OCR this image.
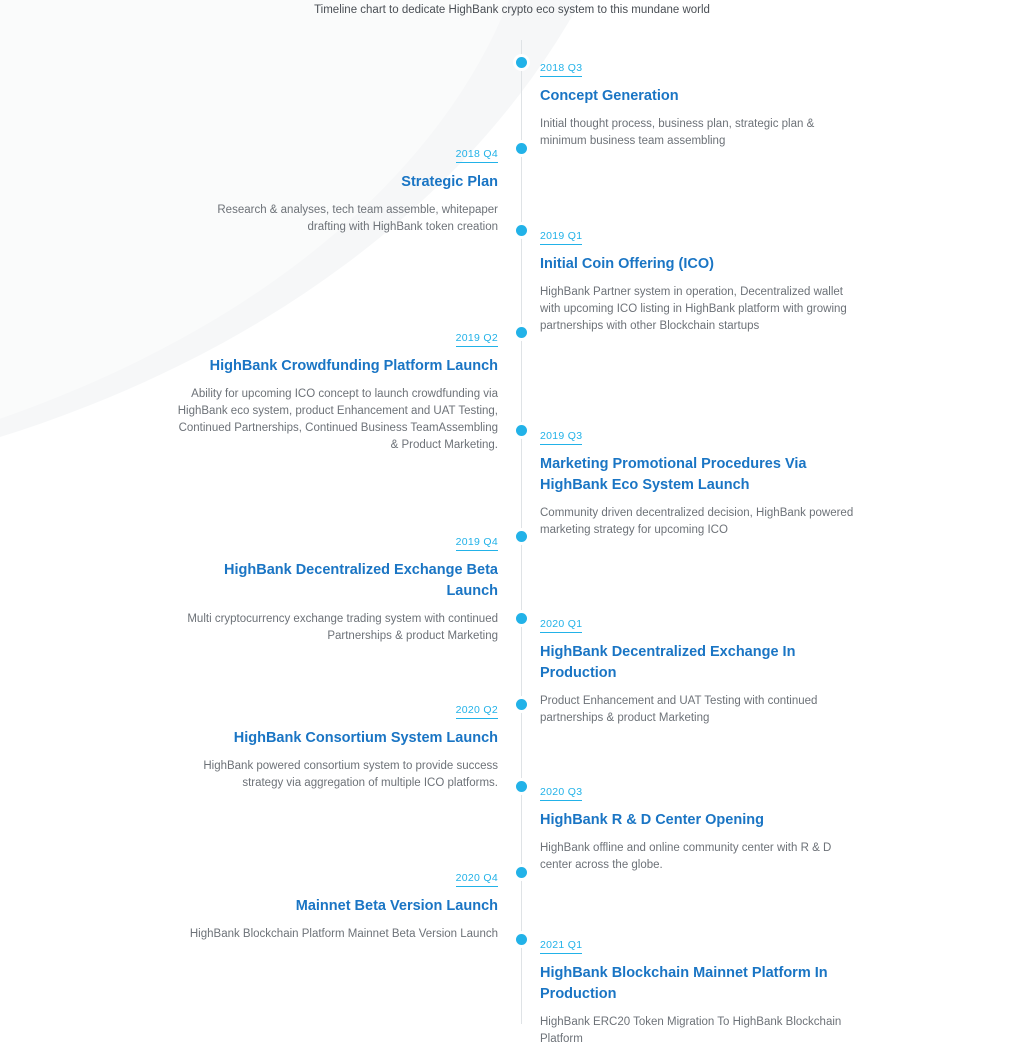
Timeline chart to dedicate HighBank crypto eco system to this mundane world
2018 Q3
Concept Generation
Initial thought process, business plan, strategic plan & minimum business team assembling
2018 Q4
Strategic Plan
Research & analyses, tech team assemble, whitepaper drafting with HighBank token creation
2019 Q1
Initial Coin Offering (ICO)
HighBank Partner system in operation, Decentralized wallet with upcoming ICO listing in HighBank platform with growing partnerships with other Blockchain startups
2019 Q2
HighBank Crowdfunding Platform Launch
Ability for upcoming ICO concept to launch crowdfunding via HighBank eco system, product Enhancement and UAT Testing, Continued Partnerships, Continued Business TeamAssembling & Product Marketing.
2019 Q3
Marketing Promotional Procedures Via HighBank Eco System Launch
Community driven decentralized decision, HighBank powered marketing strategy for upcoming ICO
2019 Q4
HighBank Decentralized Exchange Beta Launch
Multi cryptocurrency exchange trading system with continued Partnerships & product Marketing
2020 Q1
HighBank Decentralized Exchange In Production
Product Enhancement and UAT Testing with continued partnerships & product Marketing
2020 Q2
HighBank Consortium System Launch
HighBank powered consortium system to provide success strategy via aggregation of multiple ICO platforms.
2020 Q3
HighBank R & D Center Opening
HighBank offline and online community center with R & D center across the globe.
2020 Q4
Mainnet Beta Version Launch
HighBank Blockchain Platform Mainnet Beta Version Launch
2021 Q1
HighBank Blockchain Mainnet Platform In Production
HighBank ERC20 Token Migration To HighBank Blockchain Platform
